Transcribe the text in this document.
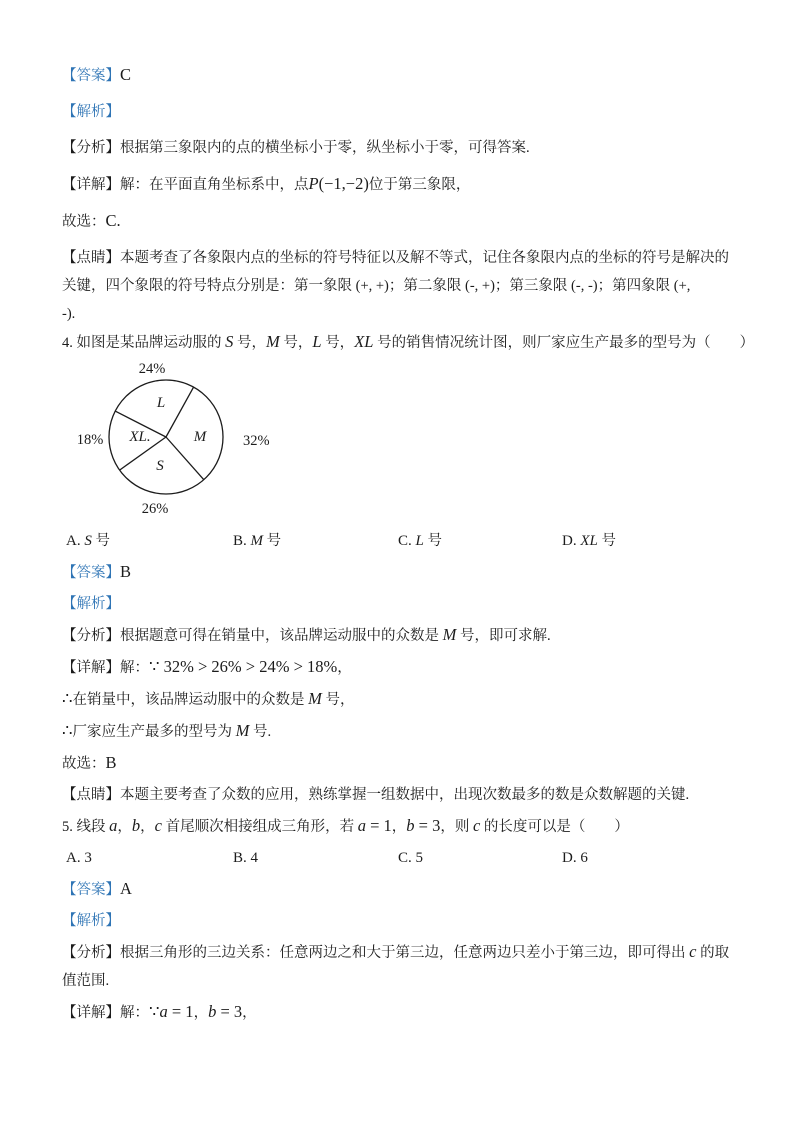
【答案】C
【解析】
【分析】根据第三象限内的点的横坐标小于零，纵坐标小于零，可得答案.
【详解】解：在平面直角坐标系中，点P(−1,−2)位于第三象限，
故选：C.
【点睛】本题考查了各象限内点的坐标的符号特征以及解不等式，记住各象限内点的坐标的符号是解决的
关键，四个象限的符号特点分别是：第一象限 (+, +)；第二象限 (-, +)；第三象限 (-, -)；第四象限 (+,
-).
4. 如图是某品牌运动服的 S 号，M 号，L 号，XL 号的销售情况统计图，则厂家应生产最多的型号为（　　）
L
M
XL.
S
24%
32%
26%
18%
A. S 号	B. M 号	C. L 号	D. XL 号
【答案】B
【解析】
【分析】根据题意可得在销量中，该品牌运动服中的众数是 M 号，即可求解.
【详解】解：∵ 32% > 26% > 24% > 18%，
∴在销量中，该品牌运动服中的众数是 M 号，
∴厂家应生产最多的型号为 M 号.
故选：B
【点睛】本题主要考查了众数的应用，熟练掌握一组数据中，出现次数最多的数是众数解题的关键.
5. 线段 a，b，c 首尾顺次相接组成三角形，若 a = 1，b = 3，则 c 的长度可以是（　　）
A. 3	B. 4	C. 5	D. 6
【答案】A
【解析】
【分析】根据三角形的三边关系：任意两边之和大于第三边，任意两边只差小于第三边，即可得出 c 的取
值范围.
【详解】解：∵a = 1，b = 3，
